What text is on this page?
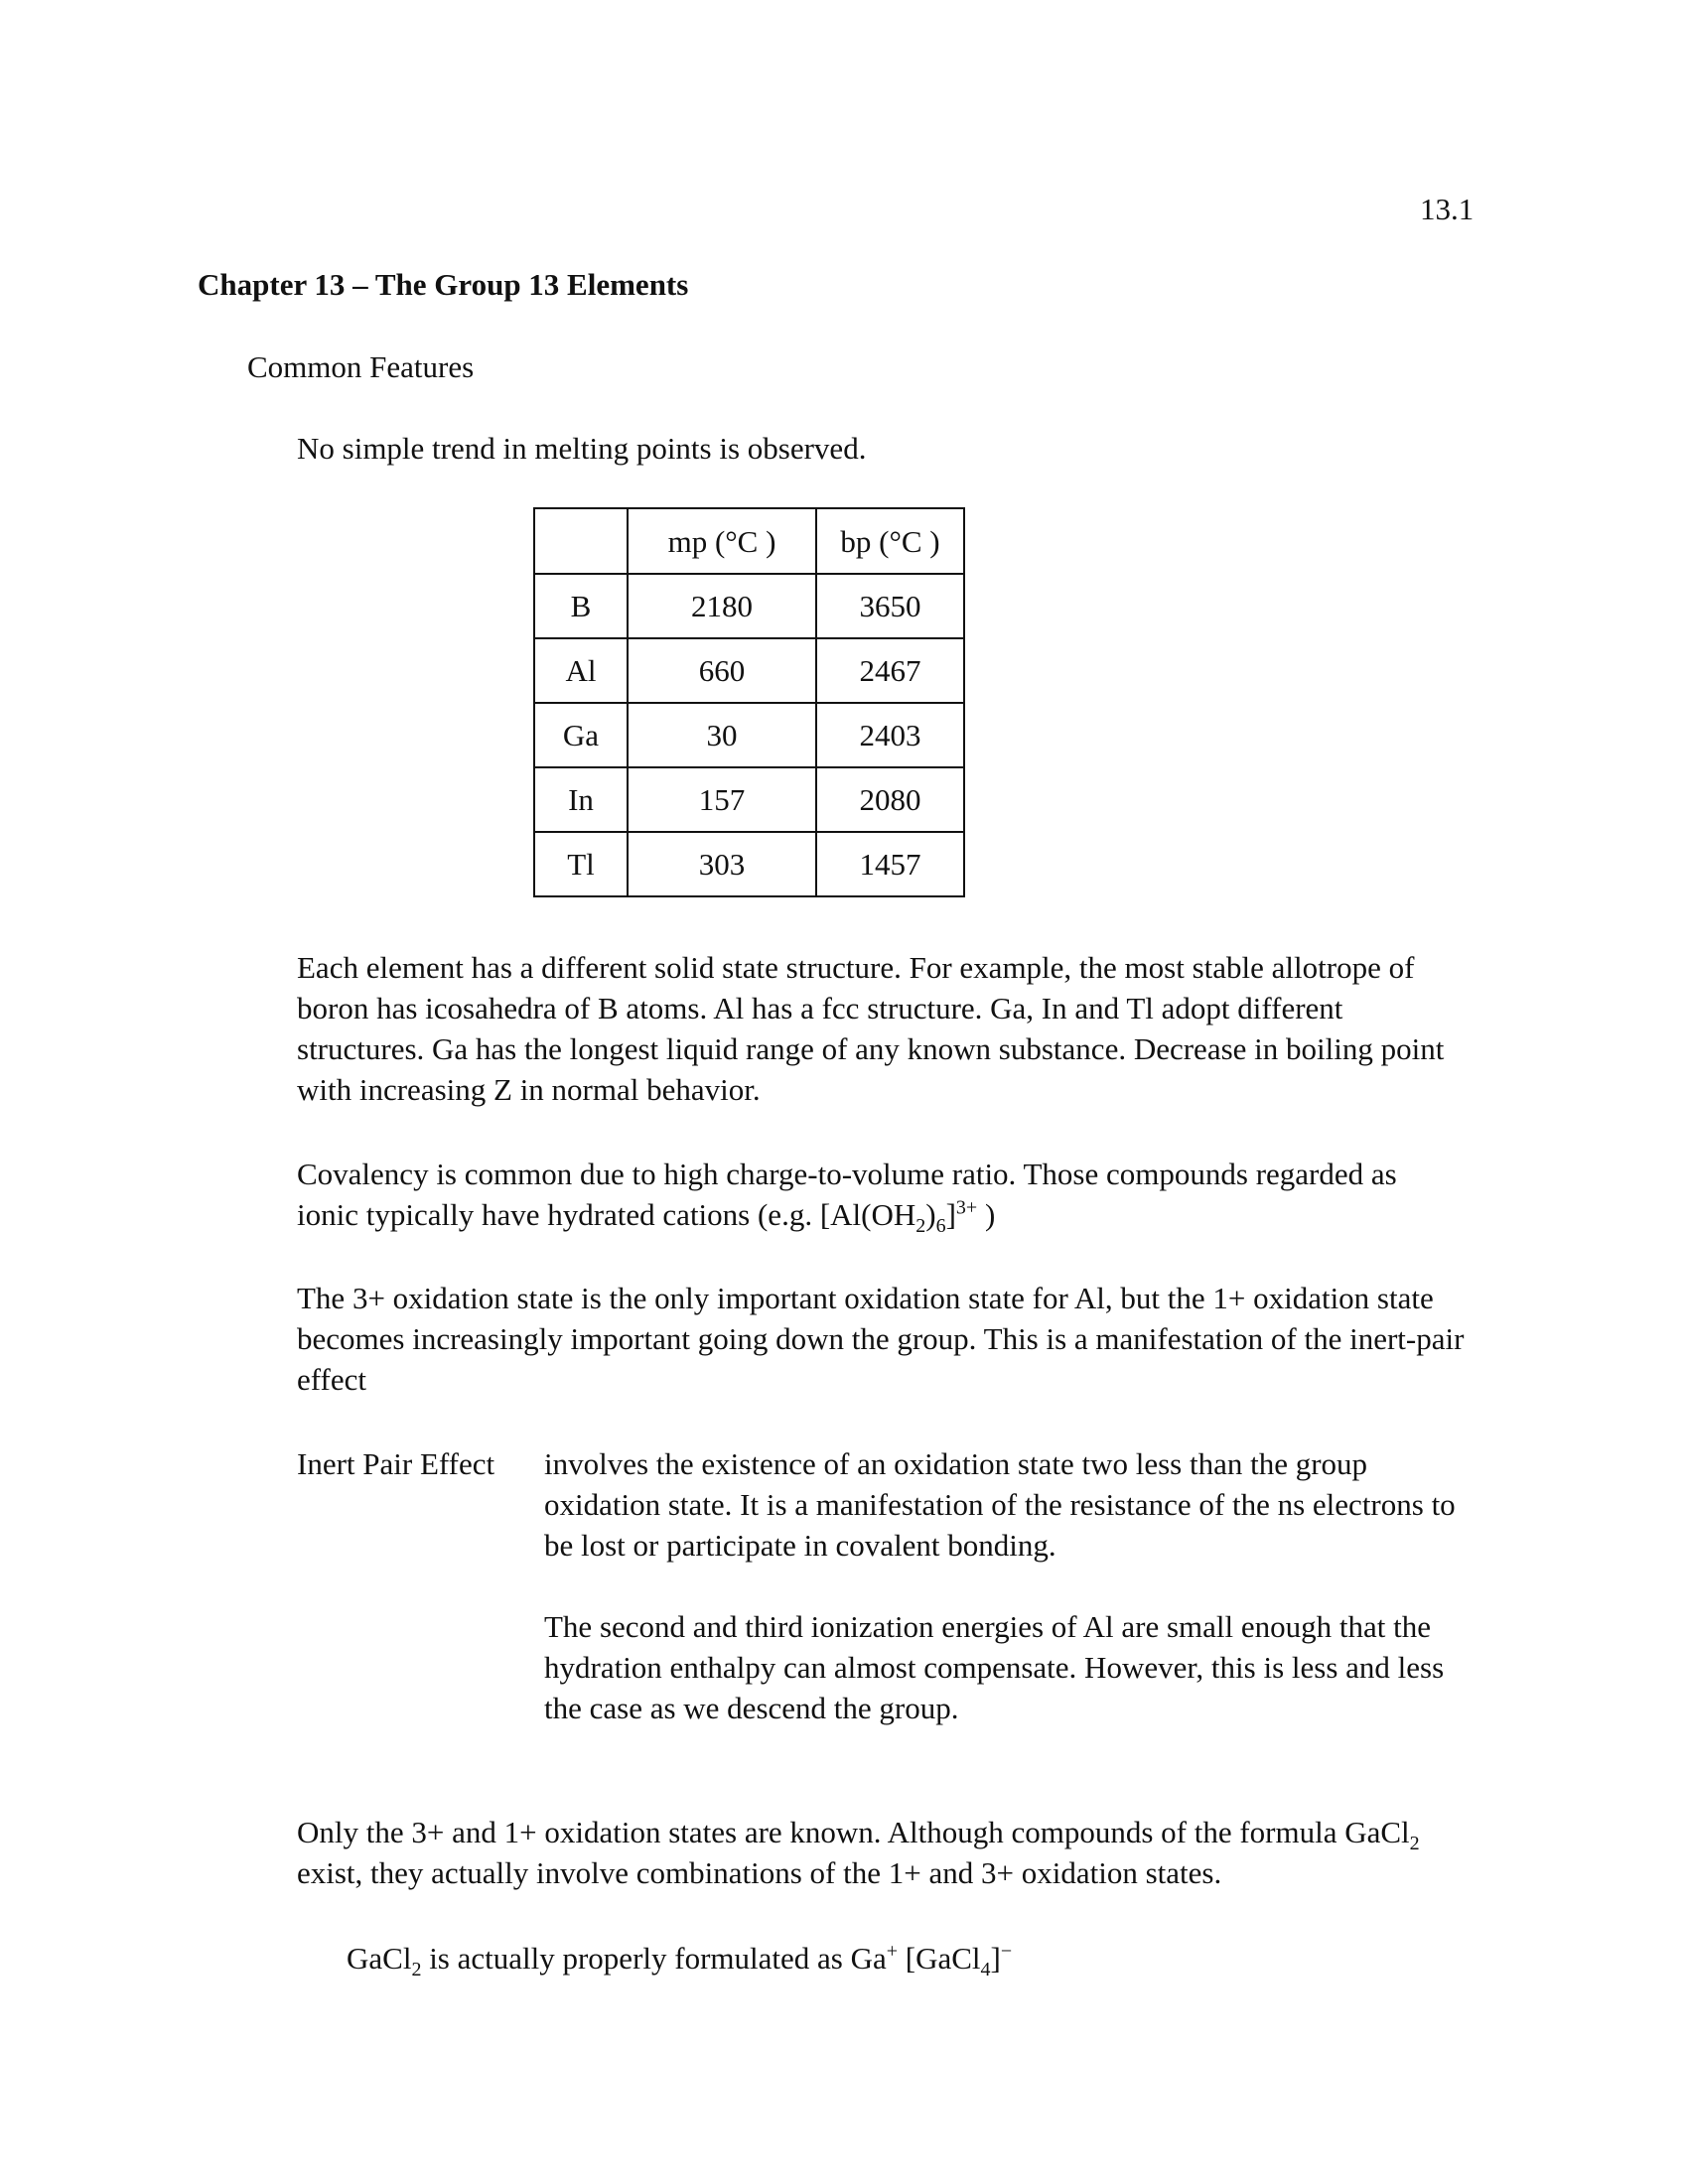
13.1
Chapter 13 – The Group 13 Elements
Common Features
No simple trend in melting points is observed.
	mp (°C )	bp (°C )
B	2180	3650
Al	660	2467
Ga	30	2403
In	157	2080
Tl	303	1457
Each element has a different solid state structure. For example, the most stable allotrope of
boron has icosahedra of B atoms. Al has a fcc structure. Ga, In and Tl adopt different
structures. Ga has the longest liquid range of any known substance. Decrease in boiling point
with increasing Z in normal behavior.
Covalency is common due to high charge-to-volume ratio. Those compounds regarded as
ionic typically have hydrated cations (e.g. $[Al(OH_2)_6]^{3+}$ )
The 3+ oxidation state is the only important oxidation state for Al, but the 1+ oxidation state
becomes increasingly important going down the group. This is a manifestation of the inert-pair
effect
Inert Pair Effect involves the existence of an oxidation state two less than the group
oxidation state. It is a manifestation of the resistance of the ns electrons to
be lost or participate in covalent bonding.
The second and third ionization energies of Al are small enough that the
hydration enthalpy can almost compensate. However, this is less and less
the case as we descend the group.
Only the 3+ and 1+ oxidation states are known. Although compounds of the formula GaCl$_2$
exist, they actually involve combinations of the 1+ and 3+ oxidation states.
GaCl$_2$ is actually properly formulated as Ga+ [GaCl$_4$]−
